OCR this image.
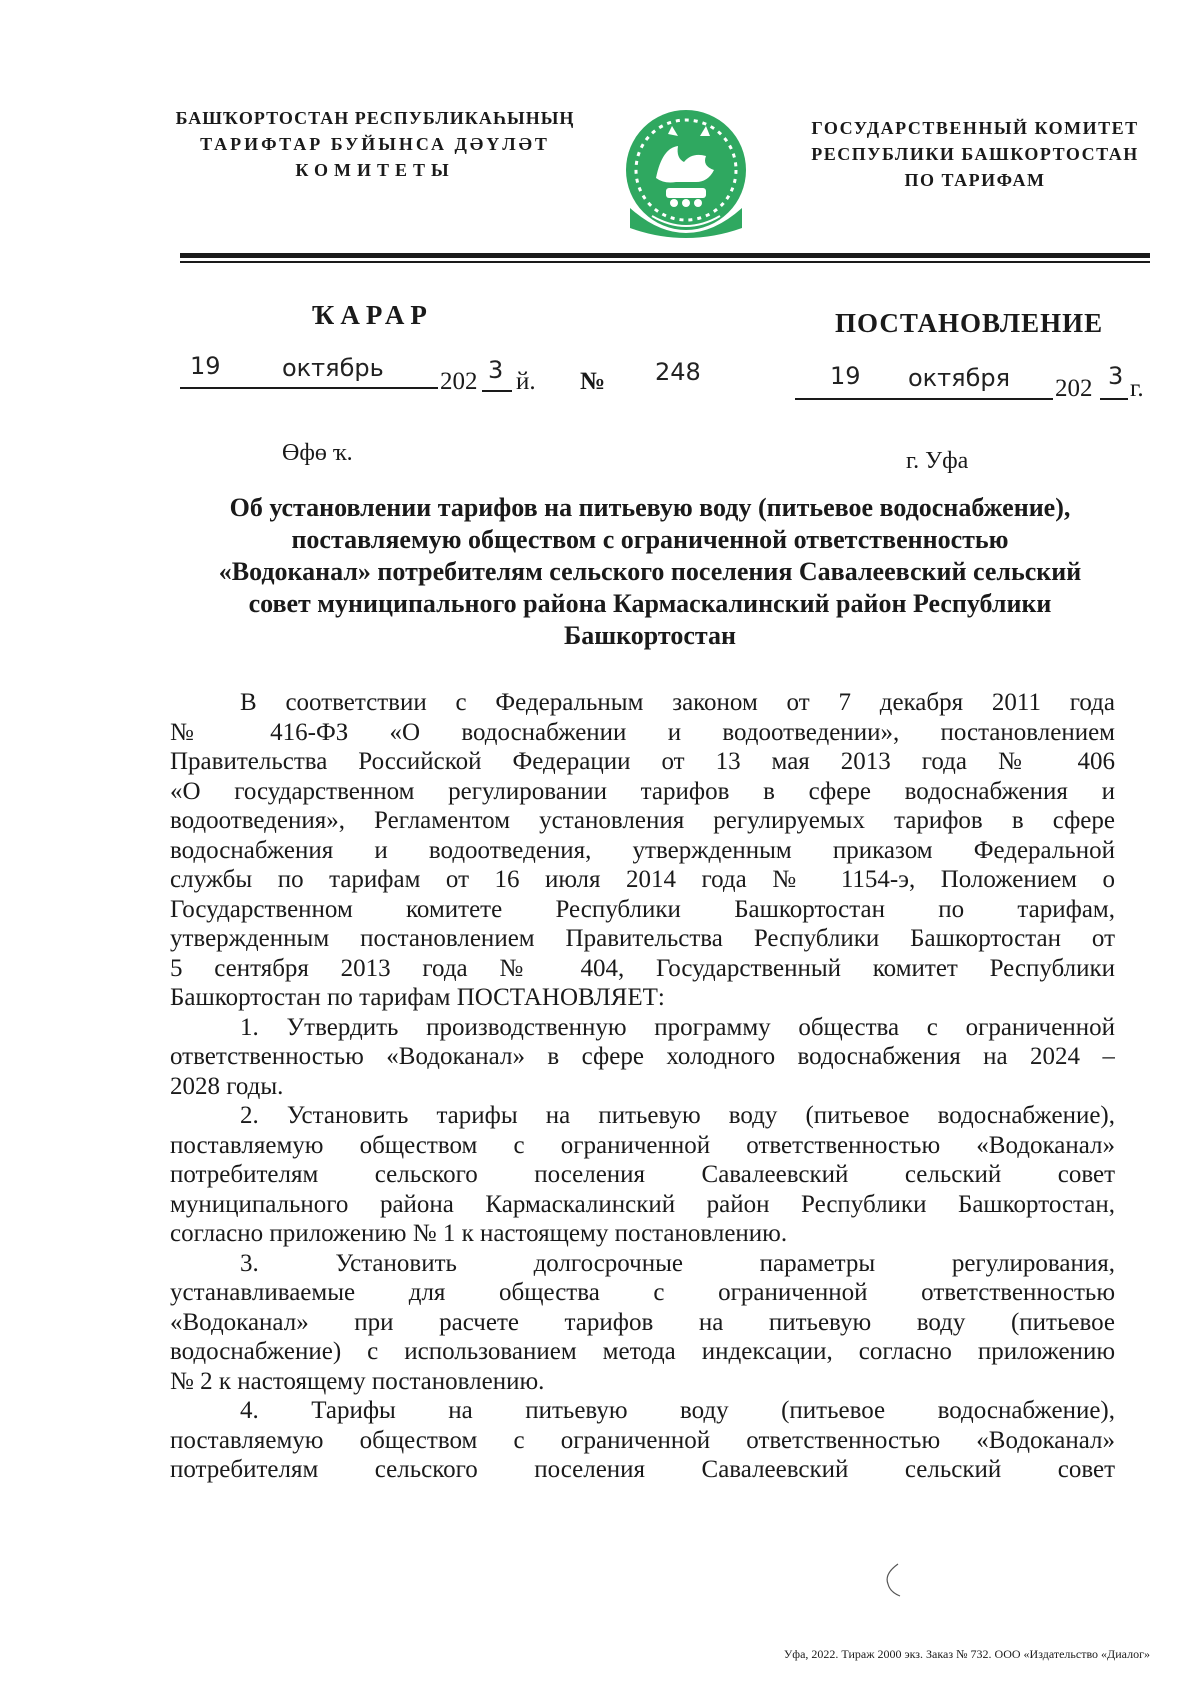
БАШҠОРТОСТАН РЕСПУБЛИКАҺЫНЫҢ
ТАРИФТАР БУЙЫНСА ДӘҮЛӘТ
КОМИТЕТЫ
ГОСУДАРСТВЕННЫЙ КОМИТЕТ
РЕСПУБЛИКИ БАШКОРТОСТАН
ПО ТАРИФАМ
ҠАРАР	ПОСТАНОВЛЕНИЕ
19	октябрь 202 3 й. № 248	19 октября 202 3 г.
Өфө ҡ.	г. Уфа
Об установлении тарифов на питьевую воду (питьевое водоснабжение),
поставляемую обществом с ограниченной ответственностью
«Водоканал» потребителям сельского поселения Савалеевский сельский
совет муниципального района Кармаскалинский район Республики
Башкортостан
В соответствии с Федеральным законом от 7 декабря 2011 года
№ 416-ФЗ «О водоснабжении и водоотведении», постановлением
Правительства Российской Федерации от 13 мая 2013 года № 406
«О государственном регулировании тарифов в сфере водоснабжения и
водоотведения», Регламентом установления регулируемых тарифов в сфере
водоснабжения и водоотведения, утвержденным приказом Федеральной
службы по тарифам от 16 июля 2014 года № 1154-э, Положением о
Государственном комитете Республики Башкортостан по тарифам,
утвержденным постановлением Правительства Республики Башкортостан от
5 сентября 2013 года № 404, Государственный комитет Республики
Башкортостан по тарифам ПОСТАНОВЛЯЕТ:
1. Утвердить производственную программу общества с ограниченной
ответственностью «Водоканал» в сфере холодного водоснабжения на 2024 –
2028 годы.
2. Установить тарифы на питьевую воду (питьевое водоснабжение),
поставляемую обществом с ограниченной ответственностью «Водоканал»
потребителям сельского поселения Савалеевский сельский совет
муниципального района Кармаскалинский район Республики Башкортостан,
согласно приложению № 1 к настоящему постановлению.
3. Установить долгосрочные параметры регулирования,
устанавливаемые для общества с ограниченной ответственностью
«Водоканал» при расчете тарифов на питьевую воду (питьевое
водоснабжение) с использованием метода индексации, согласно приложению
№ 2 к настоящему постановлению.
4. Тарифы на питьевую воду (питьевое водоснабжение),
поставляемую обществом с ограниченной ответственностью «Водоканал»
потребителям сельского поселения Савалеевский сельский совет
Уфа, 2022. Тираж 2000 экз. Заказ № 732. ООО «Издательство «Диалог»
